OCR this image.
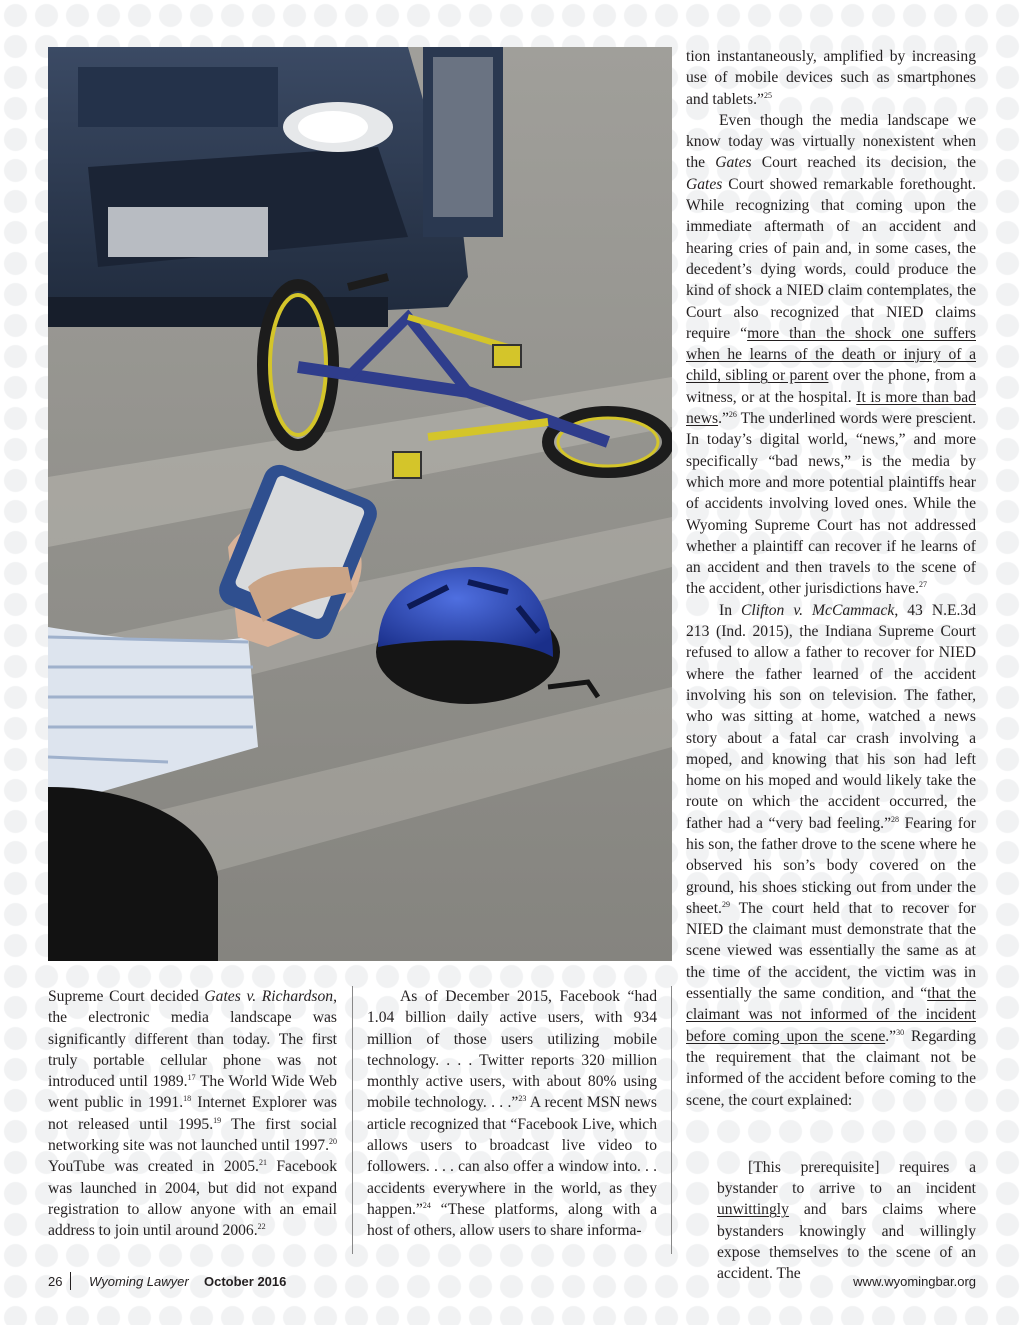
Supreme Court decided Gates v. Richardson, the electronic media landscape was significantly different than today. The first truly portable cellular phone was not introduced until 1989.17 The World Wide Web went public in 1991.18 Internet Explorer was not released until 1995.19 The first social networking site was not launched until 1997.20 YouTube was created in 2005.21 Facebook was launched in 2004, but did not expand registration to allow anyone with an email address to join until around 2006.22

As of December 2015, Facebook “had 1.04 billion daily active users, with 934 million of those users utilizing mobile technology. . . . Twitter reports 320 million monthly active users, with about 80% using mobile technology. . . .”$^{23}$ A recent MSN news article recognized that “Facebook Live, which allows users to broadcast live video to followers. . . . can also offer a window into. . . accidents everywhere in the world, as they happen.”$^{24}$ “These platforms, along with a host of others, allow users to share informa-

tion instantaneously, amplified by increasing use of mobile devices such as smartphones and tablets.”$^{25}$

Even though the media landscape we know today was virtually nonexistent when the Gates Court reached its decision, the Gates Court showed remarkable forethought. While recognizing that coming upon the immediate aftermath of an accident and hearing cries of pain and, in some cases, the decedent’s dying words, could produce the kind of shock a NIED claim contemplates, the Court also recognized that NIED claims require “more than the shock one suffers when he learns of the death or injury of a child, sibling or parent over the phone, from a witness, or at the hospital. It is more than bad news.”$^{26}$ The underlined words were prescient. In today’s digital world, “news,” and more specifically “bad news,” is the media by which more and more potential plaintiffs hear of accidents involving loved ones. While the Wyoming Supreme Court has not addressed whether a plaintiff can recover if he learns of an accident and then travels to the scene of the accident, other jurisdictions have.$^{27}$

In Clifton v. McCammack, 43 N.E.3d 213 (Ind. 2015), the Indiana Supreme Court refused to allow a father to recover for NIED where the father learned of the accident involving his son on television. The father, who was sitting at home, watched a news story about a fatal car crash involving a moped, and knowing that his son had left home on his moped and would likely take the route on which the accident occurred, the father had a “very bad feeling.”$^{28}$ Fearing for his son, the father drove to the scene where he observed his son’s body covered on the ground, his shoes sticking out from under the sheet.$^{29}$ The court held that to recover for NIED the claimant must demonstrate that the scene viewed was essentially the same as at the time of the accident, the victim was in essentially the same condition, and “that the claimant was not informed of the incident before coming upon the scene.”$^{30}$ Regarding the requirement that the claimant not be informed of the accident before coming to the scene, the court explained:

[This prerequisite] requires a bystander to arrive to an incident unwittingly and bars claims where bystanders knowingly and willingly expose themselves to the scene of an accident. The

26 Wyoming Lawyer October 2016	www.wyomingbar.org
